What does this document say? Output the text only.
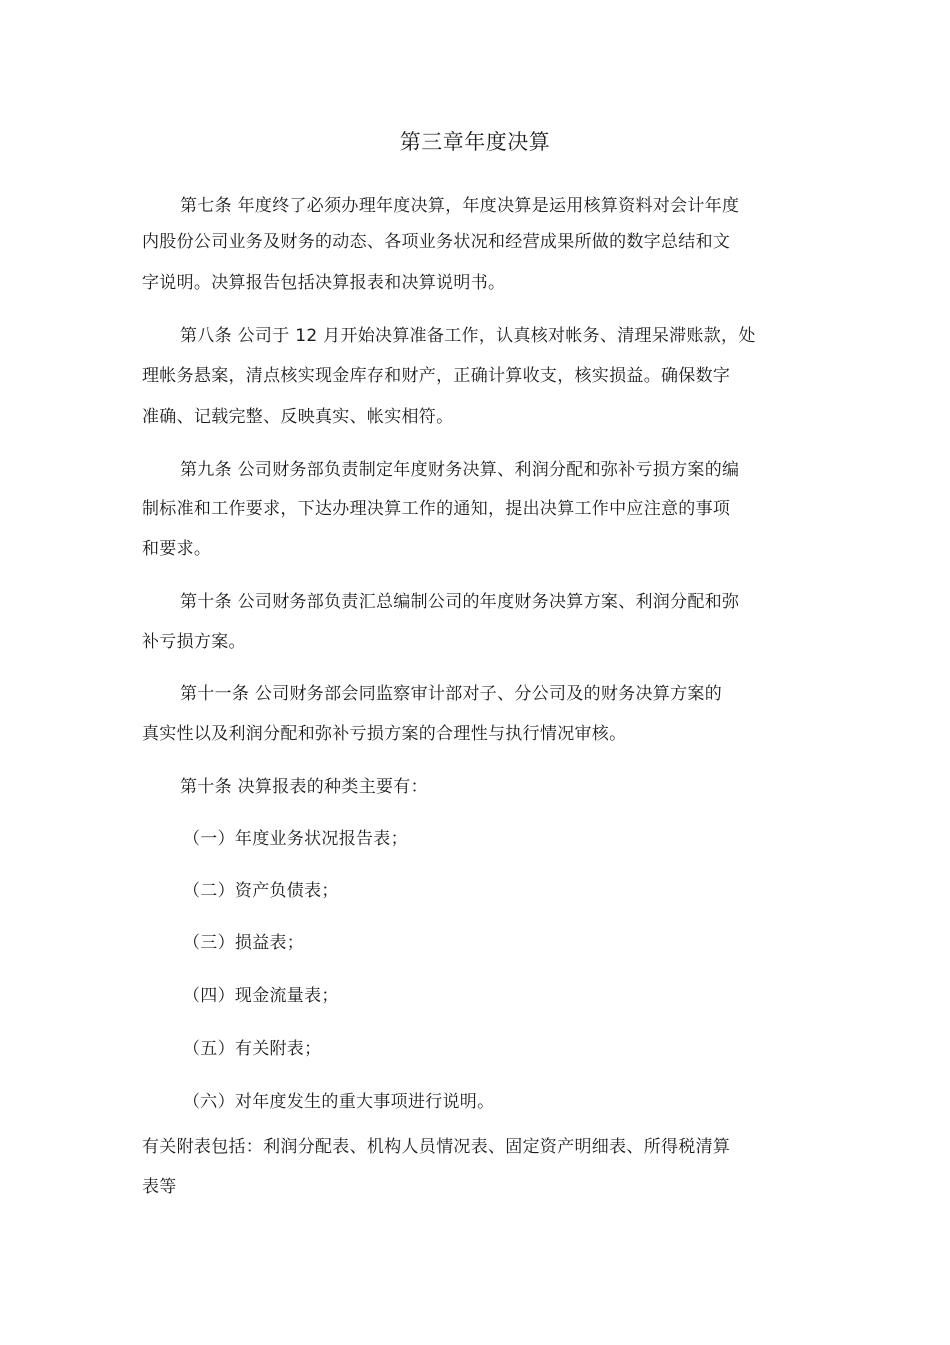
第三章年度决算
第七条 年度终了必须办理年度决算，年度决算是运用核算资料对会计年度
内股份公司业务及财务的动态、各项业务状况和经营成果所做的数字总结和文
字说明。决算报告包括决算报表和决算说明书。
第八条 公司于 12 月开始决算准备工作，认真核对帐务、清理呆滞账款，处
理帐务悬案，清点核实现金库存和财产，正确计算收支，核实损益。确保数字
准确、记载完整、反映真实、帐实相符。
第九条 公司财务部负责制定年度财务决算、利润分配和弥补亏损方案的编
制标准和工作要求，下达办理决算工作的通知，提出决算工作中应注意的事项
和要求。
第十条 公司财务部负责汇总编制公司的年度财务决算方案、利润分配和弥
补亏损方案。
第十一条 公司财务部会同监察审计部对子、分公司及的财务决算方案的
真实性以及利润分配和弥补亏损方案的合理性与执行情况审核。
第十条 决算报表的种类主要有：
（一）年度业务状况报告表；
（二）资产负债表；
（三）损益表；
（四）现金流量表；
（五）有关附表；
（六）对年度发生的重大事项进行说明。
有关附表包括：利润分配表、机构人员情况表、固定资产明细表、所得税清算
表等
